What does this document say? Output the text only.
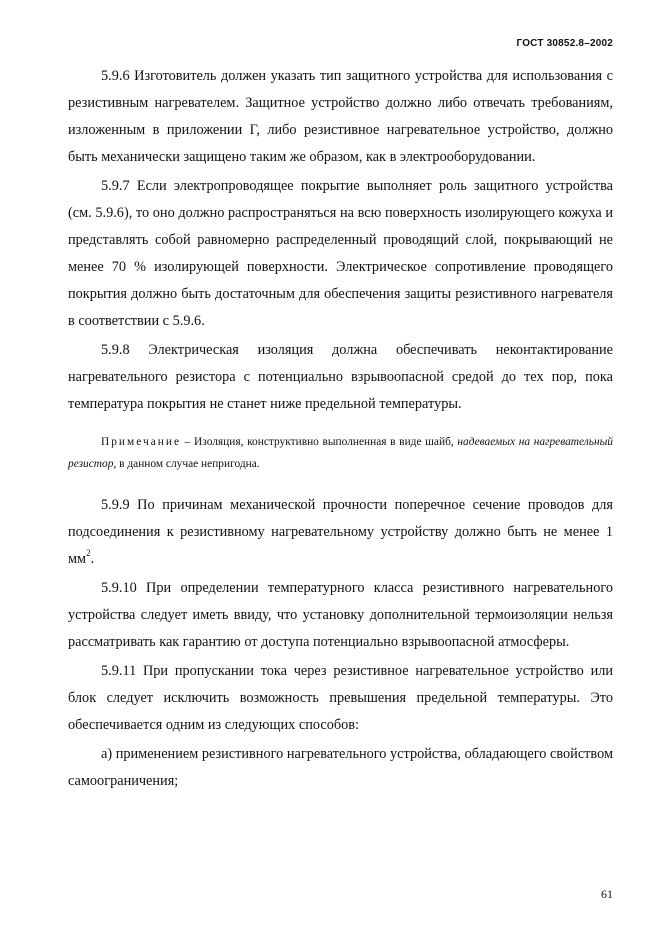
ГОСТ 30852.8–2002

5.9.6 Изготовитель должен указать тип защитного устройства для использования с резистивным нагревателем. Защитное устройство должно либо отвечать требованиям, изложенным в приложении Г, либо резистивное нагревательное устройство, должно быть механически защищено таким же образом, как в электрооборудовании.

5.9.7 Если электропроводящее покрытие выполняет роль защитного устройства (см. 5.9.6), то оно должно распространяться на всю поверхность изолирующего кожуха и представлять собой равномерно распределенный проводящий слой, покрывающий не менее 70 % изолирующей поверхности. Электрическое сопротивление проводящего покрытия должно быть достаточным для обеспечения защиты резистивного нагревателя в соответствии с 5.9.6.

5.9.8 Электрическая изоляция должна обеспечивать неконтактирование нагревательного резистора с потенциально взрывоопасной средой до тех пор, пока температура покрытия не станет ниже предельной температуры.

Примечание – Изоляция, конструктивно выполненная в виде шайб, надеваемых на нагревательный резистор, в данном случае непригодна.

5.9.9 По причинам механической прочности поперечное сечение проводов для подсоединения к резистивному нагревательному устройству должно быть не менее 1 $мм^2$.

5.9.10 При определении температурного класса резистивного нагревательного устройства следует иметь ввиду, что установку дополнительной термоизоляции нельзя рассматривать как гарантию от доступа потенциально взрывоопасной атмосферы.

5.9.11 При пропускании тока через резистивное нагревательное устройство или блок следует исключить возможность превышения предельной температуры. Это обеспечивается одним из следующих способов:

а) применением резистивного нагревательного устройства, обладающего свойством самоограничения;

61
